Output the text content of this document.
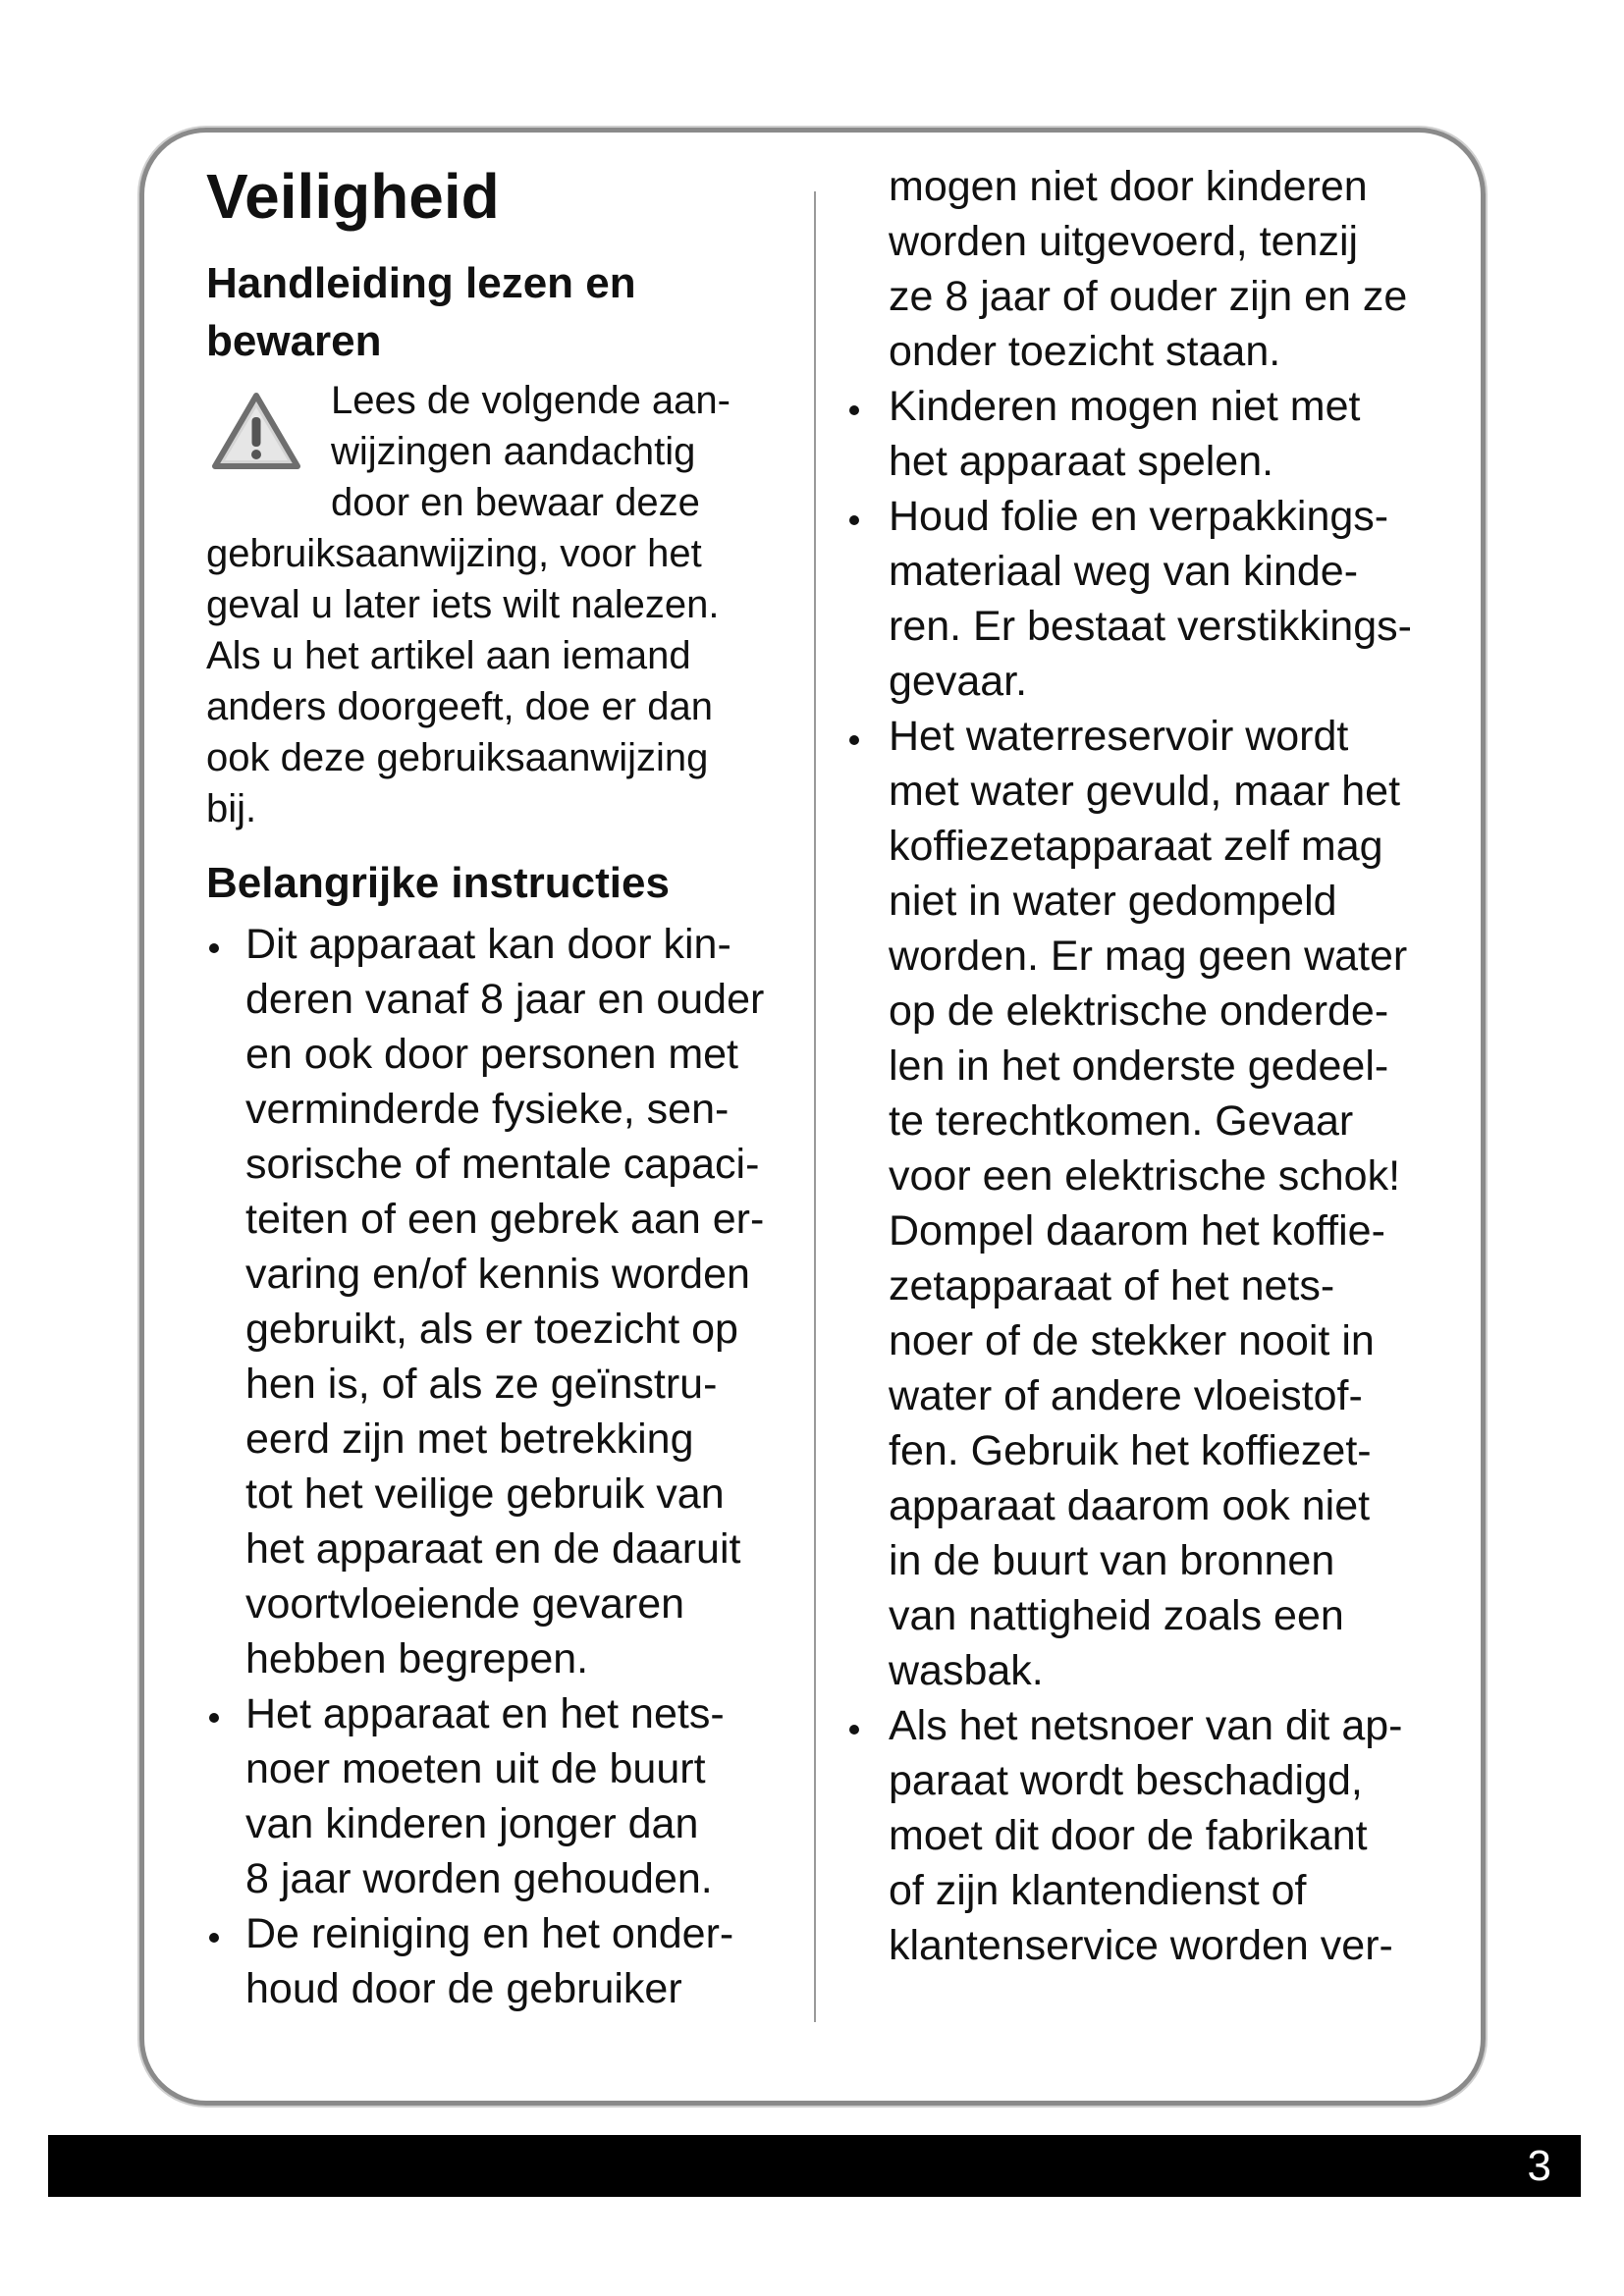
Veiligheid
Handleiding lezen en
bewaren
Lees de volgende aan-
wijzingen aandachtig
door en bewaar deze
gebruiksaanwijzing, voor het
geval u later iets wilt nalezen.
Als u het artikel aan iemand
anders doorgeeft, doe er dan
ook deze gebruiksaanwijzing
bij.
Belangrijke instructies
Dit apparaat kan door kin-
deren vanaf 8 jaar en ouder
en ook door personen met
verminderde fysieke, sen-
sorische of mentale capaci-
teiten of een gebrek aan er-
varing en/of kennis worden
gebruikt, als er toezicht op
hen is, of als ze geïnstru-
eerd zijn met betrekking
tot het veilige gebruik van
het apparaat en de daaruit
voortvloeiende gevaren
hebben begrepen.
Het apparaat en het nets-
noer moeten uit de buurt
van kinderen jonger dan
8 jaar worden gehouden.
De reiniging en het onder-
houd door de gebruiker
mogen niet door kinderen
worden uitgevoerd, tenzij
ze 8 jaar of ouder zijn en ze
onder toezicht staan.
Kinderen mogen niet met
het apparaat spelen.
Houd folie en verpakkings-
materiaal weg van kinde-
ren. Er bestaat verstikkings-
gevaar.
Het waterreservoir wordt
met water gevuld, maar het
koffiezetapparaat zelf mag
niet in water gedompeld
worden. Er mag geen water
op de elektrische onderde-
len in het onderste gedeel-
te terechtkomen. Gevaar
voor een elektrische schok!
Dompel daarom het koffie-
zetapparaat of het nets-
noer of de stekker nooit in
water of andere vloeistof-
fen. Gebruik het koffiezet-
apparaat daarom ook niet
in de buurt van bronnen
van nattigheid zoals een
wasbak.
Als het netsnoer van dit ap-
paraat wordt beschadigd,
moet dit door de fabrikant
of zijn klantendienst of
klantenservice worden ver-
3
